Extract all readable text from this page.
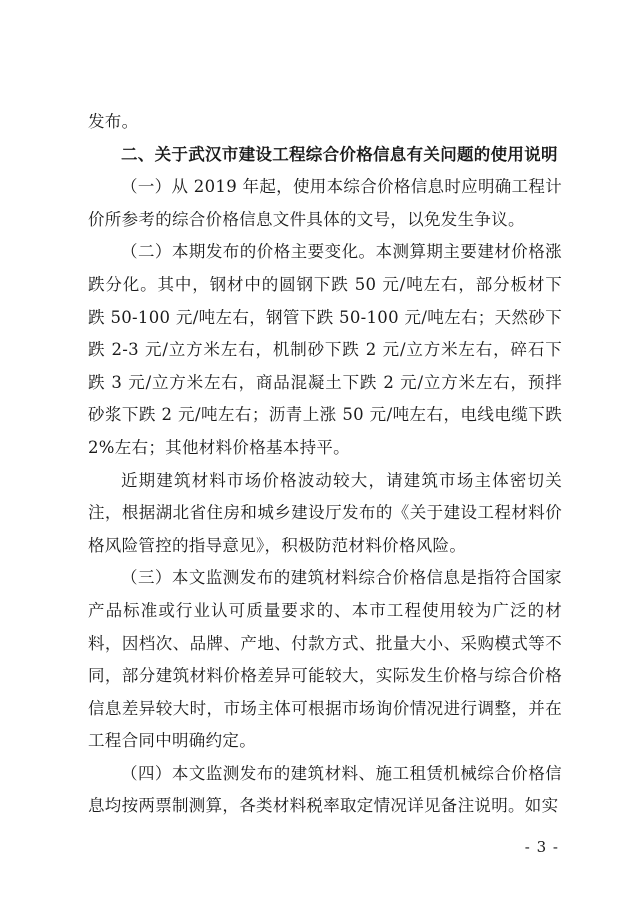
发布。

二、关于武汉市建设工程综合价格信息有关问题的使用说明

（一）从 2019 年起，使用本综合价格信息时应明确工程计价所参考的综合价格信息文件具体的文号，以免发生争议。

（二）本期发布的价格主要变化。本测算期主要建材价格涨跌分化。其中，钢材中的圆钢下跌 50 元/吨左右，部分板材下跌 50-100 元/吨左右，钢管下跌 50-100 元/吨左右；天然砂下跌 2-3 元/立方米左右，机制砂下跌 2 元/立方米左右，碎石下跌 3 元/立方米左右，商品混凝土下跌 2 元/立方米左右，预拌砂浆下跌 2 元/吨左右；沥青上涨 50 元/吨左右，电线电缆下跌 2%左右；其他材料价格基本持平。

近期建筑材料市场价格波动较大，请建筑市场主体密切关注，根据湖北省住房和城乡建设厅发布的《关于建设工程材料价格风险管控的指导意见》，积极防范材料价格风险。

（三）本文监测发布的建筑材料综合价格信息是指符合国家产品标准或行业认可质量要求的、本市工程使用较为广泛的材料，因档次、品牌、产地、付款方式、批量大小、采购模式等不同，部分建筑材料价格差异可能较大，实际发生价格与综合价格信息差异较大时，市场主体可根据市场询价情况进行调整，并在工程合同中明确约定。

（四）本文监测发布的建筑材料、施工租赁机械综合价格信息均按两票制测算，各类材料税率取定情况详见备注说明。如实

- 3 -
